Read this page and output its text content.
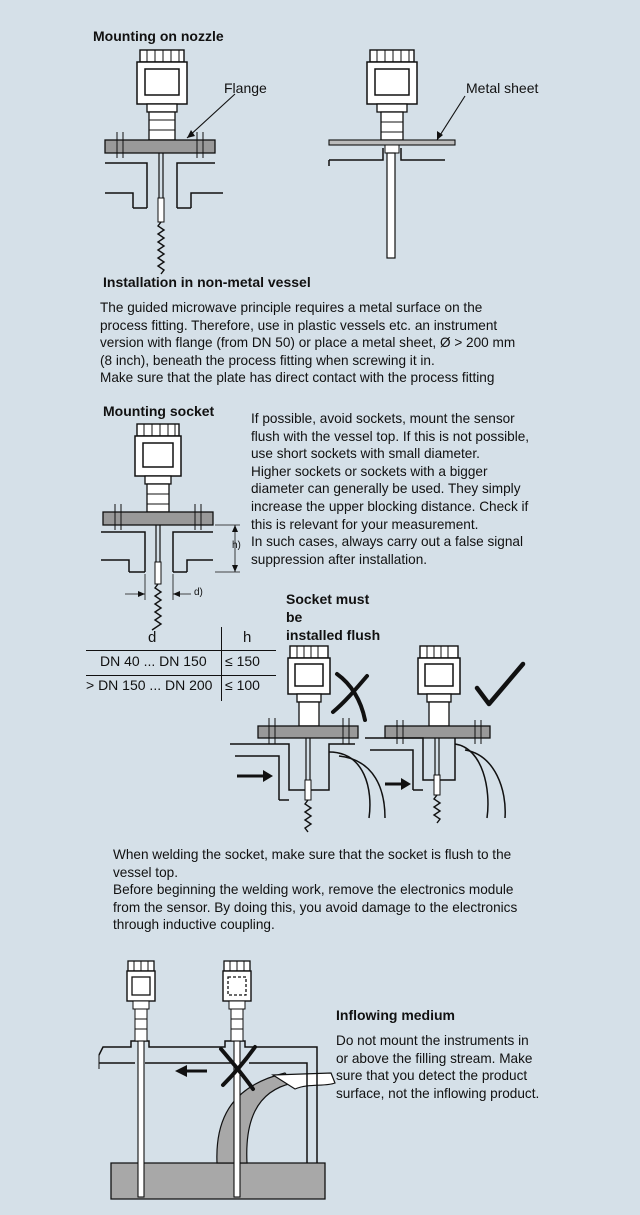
Mounting on nozzle
Flange	Metal sheet
Installation in non-metal vessel
The guided microwave principle requires a metal surface on the
process fitting. Therefore, use in plastic vessels etc. an instrument
version with flange (from DN 50) or place a metal sheet, Ø > 200 mm
(8 inch), beneath the process fitting when screwing it in.
Make sure that the plate has direct contact with the process fitting
Mounting socket	If possible, avoid sockets, mount the sensor
flush with the vessel top. If this is not possible,
use short sockets with small diameter.
Higher sockets or sockets with a bigger
diameter can generally be used. They simply
increase the upper blocking distance. Check if
this is relevant for your measurement.
In such cases, always carry out a false signal
suppression after installation.
h)
d)
d	h
DN 40 ... DN 150 ≤ 150
> DN 150 ... DN 200 ≤ 100
Socket must
be
installed flush
When welding the socket, make sure that the socket is flush to the
vessel top.
Before beginning the welding work, remove the electronics module
from the sensor. By doing this, you avoid damage to the electronics
through inductive coupling.
Inflowing medium
Do not mount the instruments in
or above the filling stream. Make
sure that you detect the product
surface, not the inflowing product.
